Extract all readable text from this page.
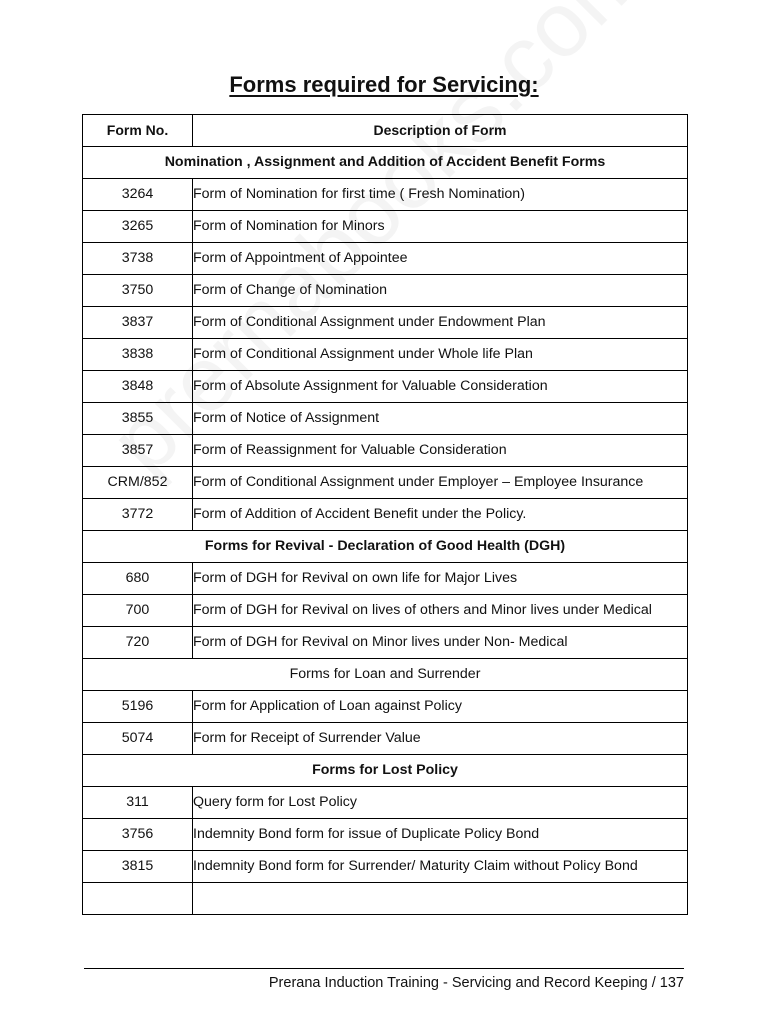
Forms required for Servicing:
Form No.	Description of Form
Nomination , Assignment and Addition of Accident Benefit Forms	
3264	Form of Nomination for first time ( Fresh Nomination)
3265	Form of Nomination for Minors
3738	Form of Appointment of Appointee
3750	Form of Change of Nomination
3837	Form of Conditional Assignment under Endowment Plan
3838	Form of Conditional Assignment under Whole life Plan
3848	Form of Absolute Assignment for Valuable Consideration
3855	Form of Notice of Assignment
3857	Form of Reassignment for Valuable Consideration
CRM/852	Form of Conditional Assignment under Employer – Employee Insurance
3772	Form of Addition of Accident Benefit under the Policy.
Forms for Revival - Declaration of Good Health (DGH)	
680	Form of DGH for Revival on own life for Major Lives
700	Form of DGH for Revival on lives of others and Minor lives under Medical
720	Form of DGH for Revival on Minor lives under Non- Medical
Forms for Loan and Surrender	
5196	Form for Application of Loan against Policy
5074	Form for Receipt of Surrender Value
Forms for Lost Policy	
311	Query form for Lost Policy
3756	Indemnity Bond form for issue of Duplicate Policy Bond
3815	Indemnity Bond form for Surrender/ Maturity Claim without Policy Bond

Prerana Induction Training - Servicing and Record Keeping / 137
